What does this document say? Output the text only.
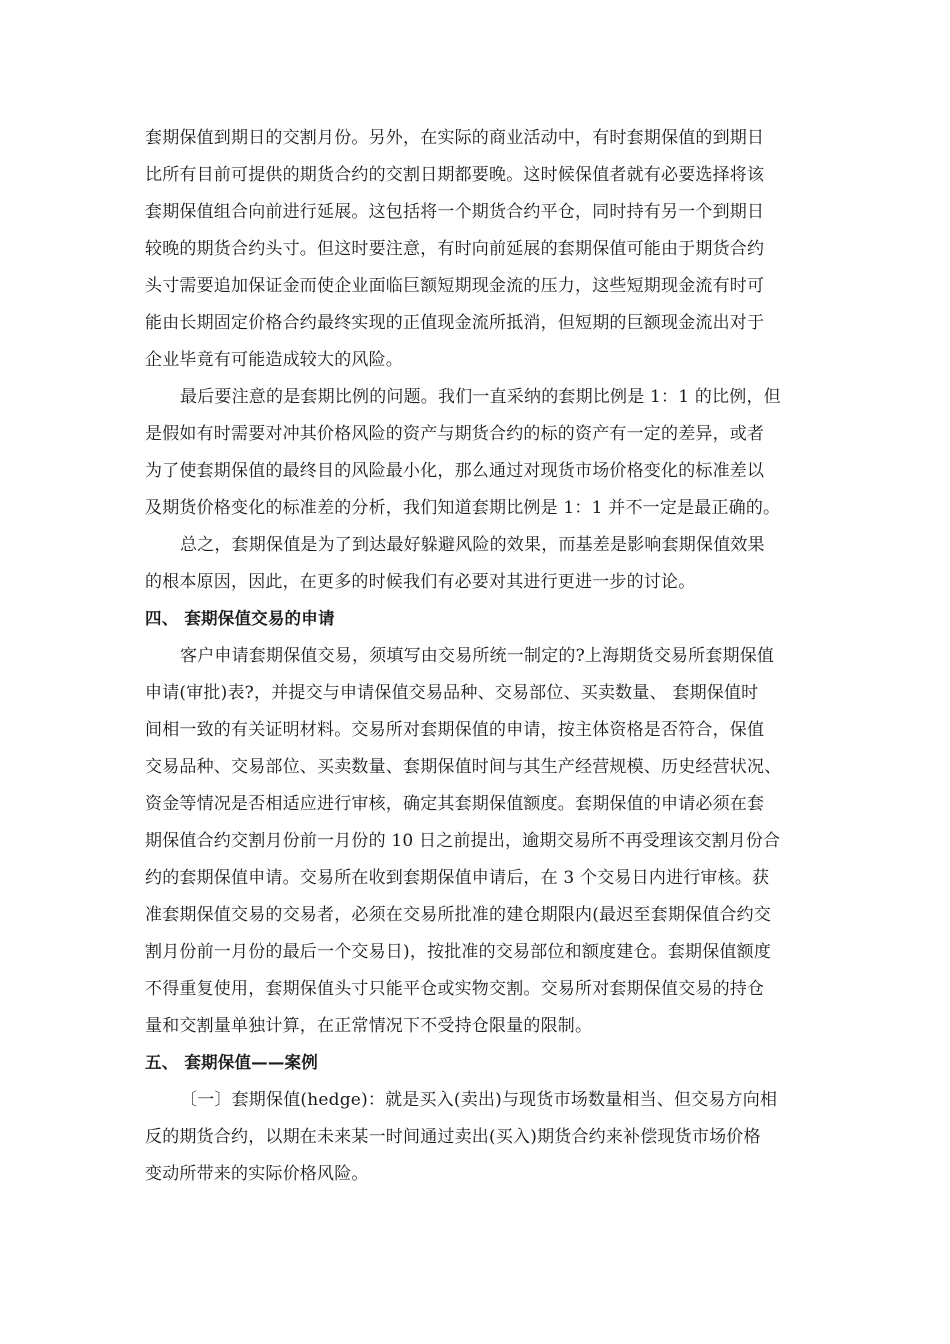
套期保值到期日的交割月份。另外，在实际的商业活动中，有时套期保值的到期日
比所有目前可提供的期货合约的交割日期都要晚。这时候保值者就有必要选择将该
套期保值组合向前进行延展。这包括将一个期货合约平仓，同时持有另一个到期日
较晚的期货合约头寸。但这时要注意，有时向前延展的套期保值可能由于期货合约
头寸需要追加保证金而使企业面临巨额短期现金流的压力，这些短期现金流有时可
能由长期固定价格合约最终实现的正值现金流所抵消，但短期的巨额现金流出对于
企业毕竟有可能造成较大的风险。
最后要注意的是套期比例的问题。我们一直采纳的套期比例是 1：1 的比例，但
是假如有时需要对冲其价格风险的资产与期货合约的标的资产有一定的差异，或者
为了使套期保值的最终目的风险最小化，那么通过对现货市场价格变化的标准差以
及期货价格变化的标准差的分析，我们知道套期比例是 1：1 并不一定是最正确的。
总之，套期保值是为了到达最好躲避风险的效果，而基差是影响套期保值效果
的根本原因，因此，在更多的时候我们有必要对其进行更进一步的讨论。
四、 套期保值交易的申请
客户申请套期保值交易，须填写由交易所统一制定的?上海期货交易所套期保值
申请(审批)表?，并提交与申请保值交易品种、交易部位、买卖数量、 套期保值时
间相一致的有关证明材料。交易所对套期保值的申请，按主体资格是否符合，保值
交易品种、交易部位、买卖数量、套期保值时间与其生产经营规模、历史经营状况、
资金等情况是否相适应进行审核，确定其套期保值额度。套期保值的申请必须在套
期保值合约交割月份前一月份的 10 日之前提出，逾期交易所不再受理该交割月份合
约的套期保值申请。交易所在收到套期保值申请后，在 3 个交易日内进行审核。获
准套期保值交易的交易者，必须在交易所批准的建仓期限内(最迟至套期保值合约交
割月份前一月份的最后一个交易日)，按批准的交易部位和额度建仓。套期保值额度
不得重复使用，套期保值头寸只能平仓或实物交割。交易所对套期保值交易的持仓
量和交割量单独计算，在正常情况下不受持仓限量的限制。
五、 套期保值——案例
〔一〕套期保值(hedge)：就是买入(卖出)与现货市场数量相当、但交易方向相
反的期货合约，以期在未来某一时间通过卖出(买入)期货合约来补偿现货市场价格
变动所带来的实际价格风险。
